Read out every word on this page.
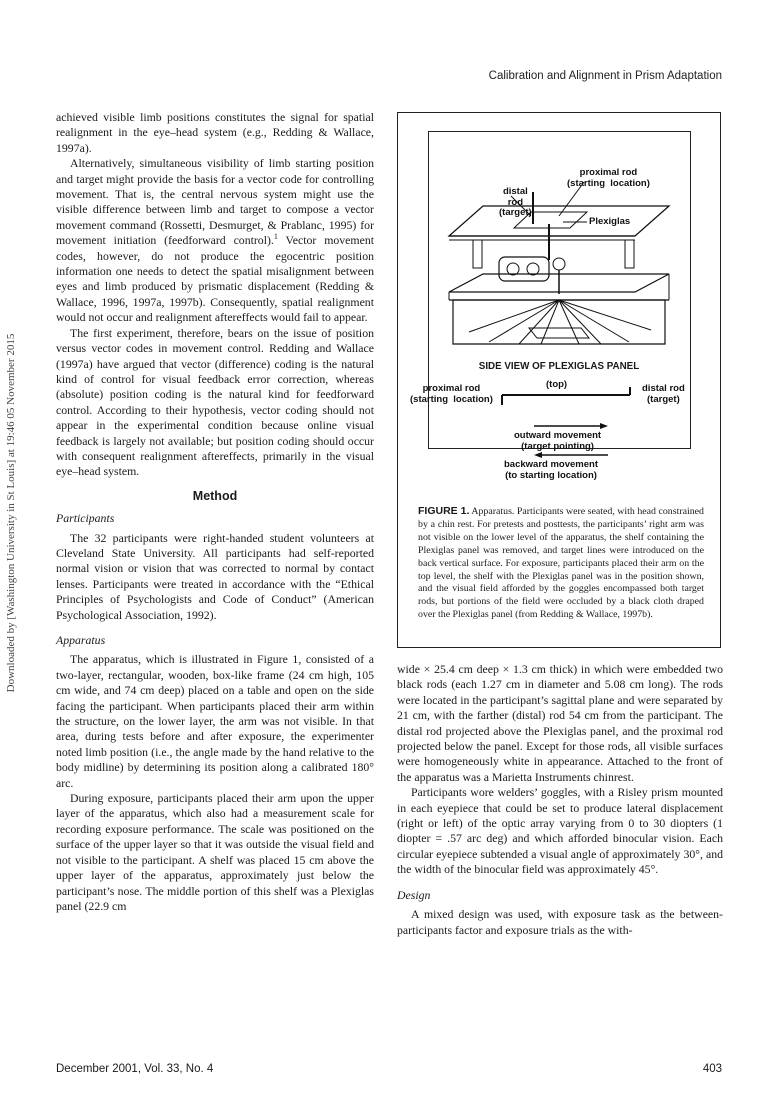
Calibration and Alignment in Prism Adaptation
Downloaded by [Washington University in St Louis] at 19:46 05 November 2015

achieved visible limb positions constitutes the signal for spatial realignment in the eye–head system (e.g., Redding & Wallace, 1997a).

Alternatively, simultaneous visibility of limb starting position and target might provide the basis for a vector code for controlling movement. That is, the central nervous system might use the visible difference between limb and target to compose a vector movement command (Rossetti, Desmurget, & Prablanc, 1995) for movement initiation (feedforward control).$^1$ Vector movement codes, however, do not produce the egocentric position information one needs to detect the spatial misalignment between eyes and limb produced by prismatic displacement (Redding & Wallace, 1996, 1997a, 1997b). Consequently, spatial realignment would not occur and realignment aftereffects would fail to appear.

The first experiment, therefore, bears on the issue of position versus vector codes in movement control. Redding and Wallace (1997a) have argued that vector (difference) coding is the natural kind of control for visual feedback error correction, whereas (absolute) position coding is the natural kind for feedforward control. According to their hypothesis, vector coding should not appear in the experimental condition because online visual feedback is largely not available; but position coding should occur with consequent realignment aftereffects, primarily in the visual eye–head system.

Method
Participants

The 32 participants were right-handed student volunteers at Cleveland State University. All participants had self-reported normal vision or vision that was corrected to normal by contact lenses. Participants were treated in accordance with the “Ethical Principles of Psychologists and Code of Conduct” (American Psychological Association, 1992).

Apparatus

The apparatus, which is illustrated in Figure 1, consisted of a two-layer, rectangular, wooden, box-like frame (24 cm high, 105 cm wide, and 74 cm deep) placed on a table and open on the side facing the participant. When participants placed their arm within the structure, on the lower layer, the arm was not visible. In that area, during tests before and after exposure, the experimenter noted limb position (i.e., the angle made by the hand relative to the body midline) by determining its position along a calibrated 180° arc.

During exposure, participants placed their arm upon the upper layer of the apparatus, which also had a measurement scale for recording exposure performance. The scale was positioned on the surface of the upper layer so that it was outside the visual field and not visible to the participant. A shelf was placed 15 cm above the upper layer of the apparatus, approximately just below the participant’s nose. The middle portion of this shelf was a Plexiglas panel (22.9 cm

distal
rod
(target)
proximal rod
(starting  location)
Plexiglas
SIDE VIEW OF PLEXIGLAS PANEL
(top)
proximal rod
(starting  location)
distal rod
(target)
outward movement
(target pointing)
backward movement
(to starting location)
FIGURE 1. Apparatus. Participants were seated, with head constrained by a chin rest. For pretests and posttests, the participants’ right arm was not visible on the lower level of the apparatus, the shelf containing the Plexiglas panel was removed, and target lines were introduced on the back vertical surface. For exposure, participants placed their arm on the top level, the shelf with the Plexiglas panel was in the position shown, and the visual field afforded by the goggles encompassed both target rods, but portions of the field were occluded by a black cloth draped over the Plexiglas panel (from Redding & Wallace, 1997b).

wide × 25.4 cm deep × 1.3 cm thick) in which were embedded two black rods (each 1.27 cm in diameter and 5.08 cm long). The rods were located in the participant’s sagittal plane and were separated by 21 cm, with the farther (distal) rod 54 cm from the participant. The distal rod projected above the Plexiglas panel, and the proximal rod projected below the panel. Except for those rods, all visible surfaces were homogeneously white in appearance. Attached to the front of the apparatus was a Marietta Instruments chinrest.

Participants wore welders’ goggles, with a Risley prism mounted in each eyepiece that could be set to produce lateral displacement (right or left) of the optic array varying from 0 to 30 diopters (1 diopter = .57 arc deg) and which afforded binocular vision. Each circular eyepiece subtended a visual angle of approximately 30°, and the width of the binocular field was approximately 45°.

Design

A mixed design was used, with exposure task as the between-participants factor and exposure trials as the with-

December 2001, Vol. 33, No. 4	403
